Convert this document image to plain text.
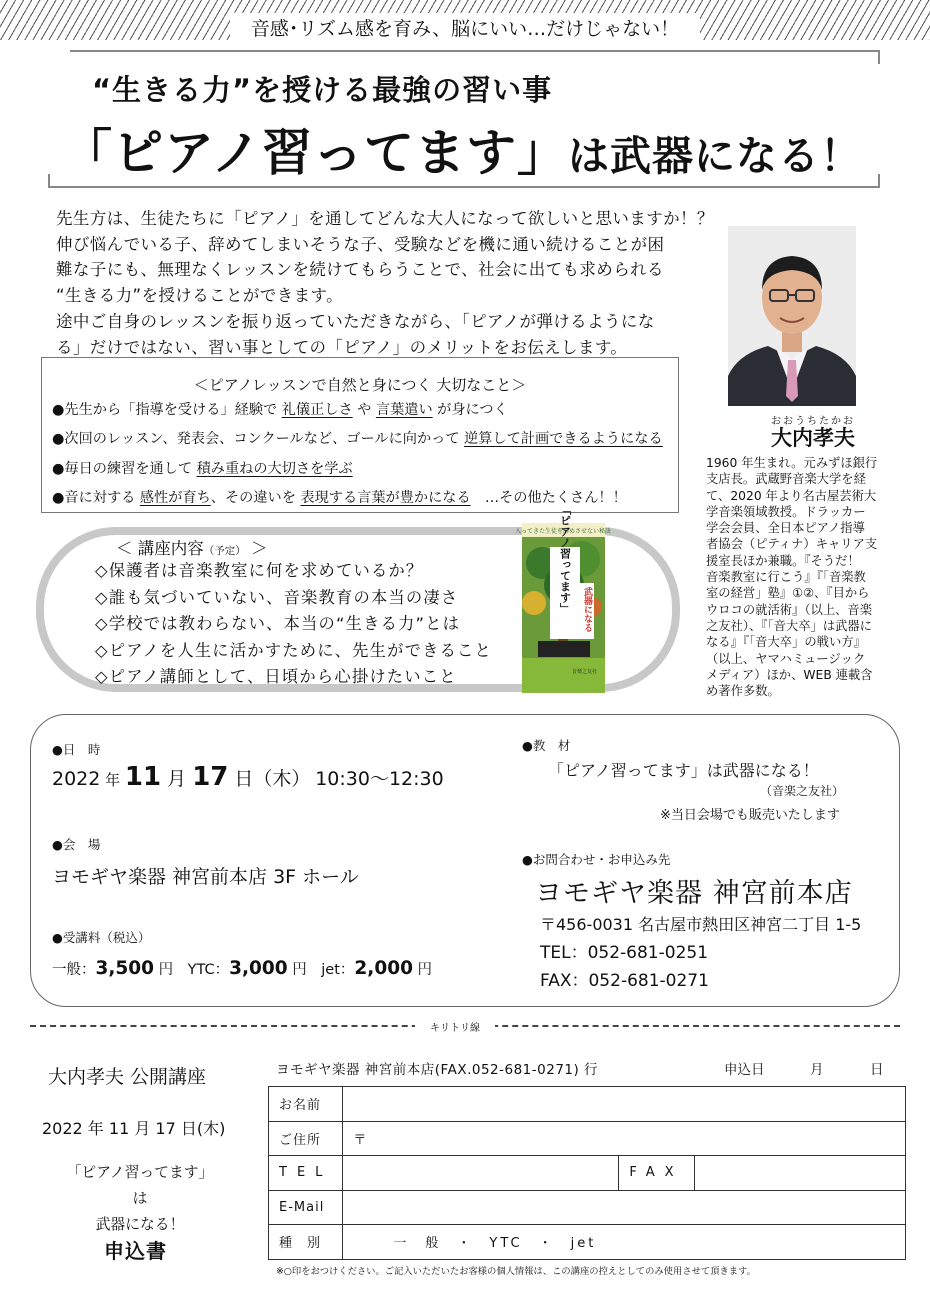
音感･リズム感を育み、脳にいい…だけじゃない！
“生きる力”を授ける最強の習い事
「ピアノ習ってます」は武器になる！

先生方は、生徒たちに「ピアノ」を通してどんな大人になって欲しいと思いますか！？

伸び悩んでいる子、辞めてしまいそうな子、受験などを機に通い続けることが困

難な子にも、無理なくレッスンを続けてもらうことで、社会に出ても求められる

“生きる力”を授けることができます。

途中ご自身のレッスンを振り返っていただきながら、「ピアノが弾けるようにな

る」だけではない、習い事としての「ピアノ」のメリットをお伝えします。

おおうちたかお
大内孝夫

1960 年生まれ。元みずほ銀行

支店長。武蔵野音楽大学を経

て、2020 年より名古屋芸術大

学音楽領域教授。ドラッカー

学会会員、全日本ピアノ指導

者協会（ピティナ）キャリア支

援室長ほか兼職。『そうだ！

音楽教室に行こう』『「音楽教

室の経営」塾』①②、『目から

ウロコの就活術』（以上、音楽

之友社）、『「音大卒」は武器に

なる』『「音大卒」の戦い方』

（以上、ヤマハミュージック

メディア）ほか、WEB 連載含

め著作多数。

＜ピアノレッスンで自然と身につく 大切なこと＞

●先生から「指導を受ける」経験で 礼儀正しさ や 言葉遣い が身につく

●次回のレッスン、発表会、コンクールなど、ゴールに向かって 逆算して計画できるようになる

●毎日の練習を通して 積み重ねの大切さを学ぶ

●音に対する 感性が育ち、その違いを 表現する言葉が豊かになる　…その他たくさん！！

＜ 講座内容（予定） ＞

◇保護者は音楽教室に何を求めているか？

◇誰も気づいていない、音楽教育の本当の凄さ

◇学校では教わらない、本当の“生きる力”とは

◇ピアノを人生に活かすために、先生ができること

◇ピアノ講師として、日頃から心掛けたいこと

入ってきた生徒を辞めさせない秘訣
「ピアノ習ってます」 武器になる
音楽之友社
●日　時
2022 年 11 月 17 日（木） 10:30～12:30
●会　場
ヨモギヤ楽器 神宮前本店 3F ホール
●受講料（税込）
一般：3,500 円　YTC：3,000 円　jet：2,000 円
●教　材
「ピアノ習ってます」は武器になる！
（音楽之友社）
※当日会場でも販売いたします
●お問合わせ・お申込み先
ヨモギヤ楽器 神宮前本店
〒456-0031 名古屋市熱田区神宮二丁目 1-5
TEL：052-681-0251
FAX：052-681-0271
キリトリ線
大内孝夫 公開講座
2022 年 11 月 17 日(木)
「ピアノ習ってます」は
武器になる！
申込書
ヨモギヤ楽器 神宮前本店(FAX.052-681-0271) 行	申込日	月	日
お名前			
ご住所	〒		
TEL		FAX	
E-Mail			
種　別	一　般　・　YTC　・　jet		
※○印をおつけください。ご記入いただいたお客様の個人情報は、この講座の控えとしてのみ使用させて頂きます。
